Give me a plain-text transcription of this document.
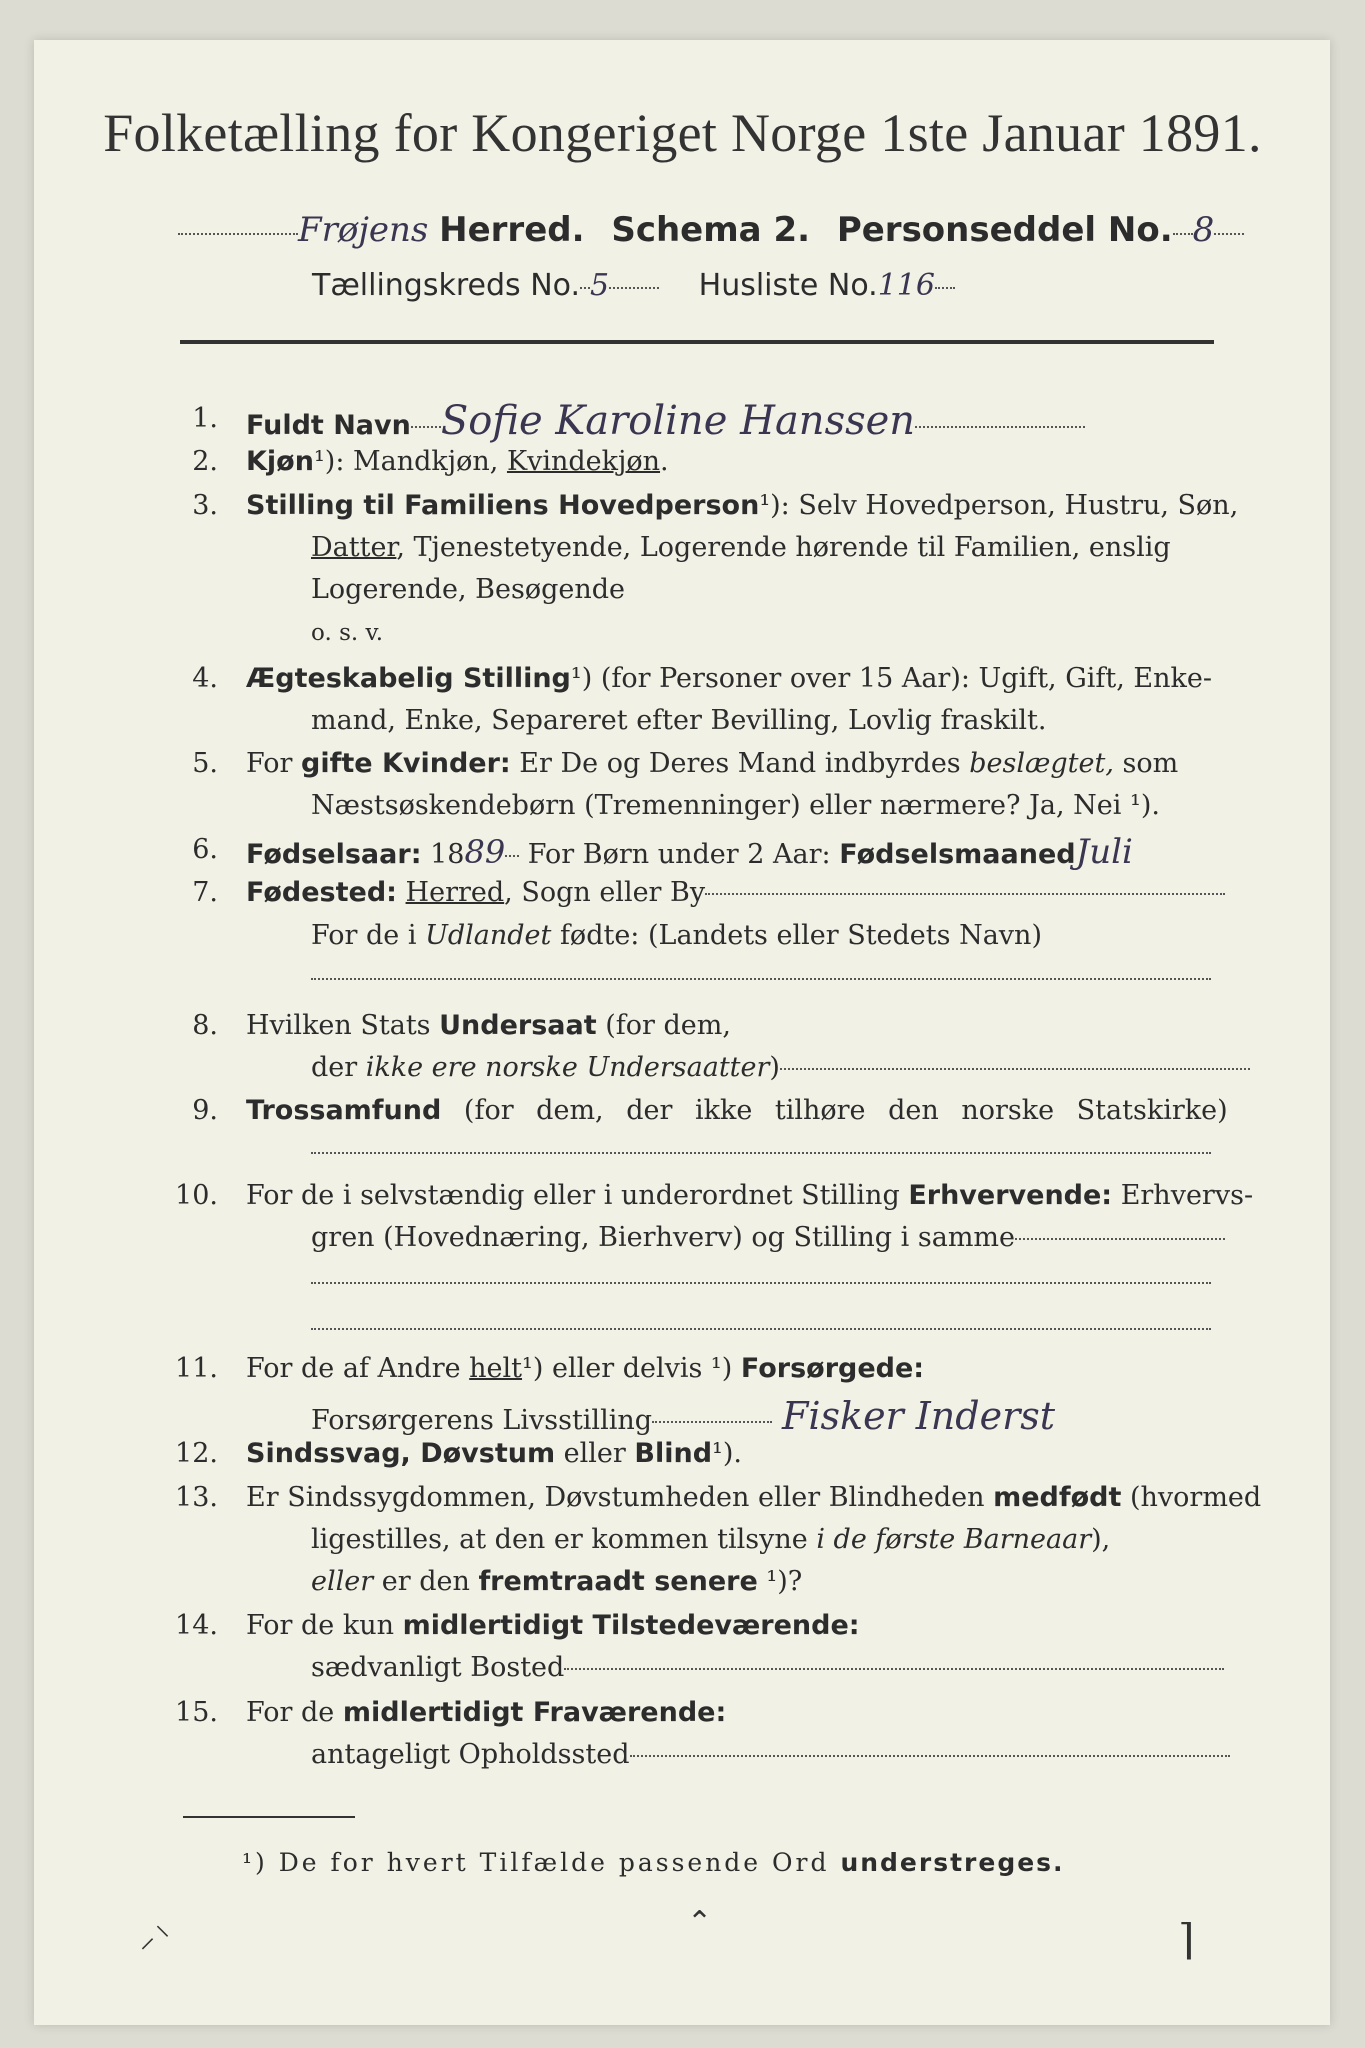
Folketælling for Kongeriget Norge 1ste Januar 1891.
Frøjens Herred. Schema 2. Personseddel No. 8
Tællingskreds No. 5	Husliste No.116
1. Fuldt Navn Sofie Karoline Hanssen
2. Kjøn¹): Mandkjøn, Kvindekjøn.
3. Stilling til Familiens Hovedperson¹): Selv Hovedperson, Hustru, Søn,
Datter, Tjenestetyende, Logerende hørende til Familien, enslig
Logerende, Besøgende
o. s. v.
4. Ægteskabelig Stilling¹) (for Personer over 15 Aar): Ugift, Gift, Enke-
mand, Enke, Separeret efter Bevilling, Lovlig fraskilt.
5. For gifte Kvinder: Er De og Deres Mand indbyrdes beslægtet, som
Næstsøskendebørn (Tremenninger) eller nærmere? Ja, Nei ¹).
6. Fødselsaar: 1889 For Børn under 2 Aar: FødselsmaanedJuli
7. Fødested: Herred, Sogn eller By
For de i Udlandet fødte: (Landets eller Stedets Navn)
8. Hvilken Stats Undersaat (for dem,
der ikke ere norske Undersaatter)
9. Trossamfund (for dem, der ikke tilhøre den norske Statskirke)
10. For de i selvstændig eller i underordnet Stilling Erhvervende: Erhvervs-
gren (Hovednæring, Bierhverv) og Stilling i samme
11. For de af Andre helt¹) eller delvis ¹) Forsørgede:
Forsørgerens Livsstilling	Fisker Inderst
12. Sindssvag, Døvstum eller Blind¹).
13. Er Sindssygdommen, Døvstumheden eller Blindheden medfødt (hvormed
ligestilles, at den er kommen tilsyne i de første Barneaar),
eller er den fremtraadt senere ¹)?
14. For de kun midlertidigt Tilstedeværende:
sædvanligt Bosted
15. For de midlertidigt Fraværende:
antageligt Opholdssted
¹) De for hvert Tilfælde passende Ord understreges.
⸝⸌	⌃	⌉
